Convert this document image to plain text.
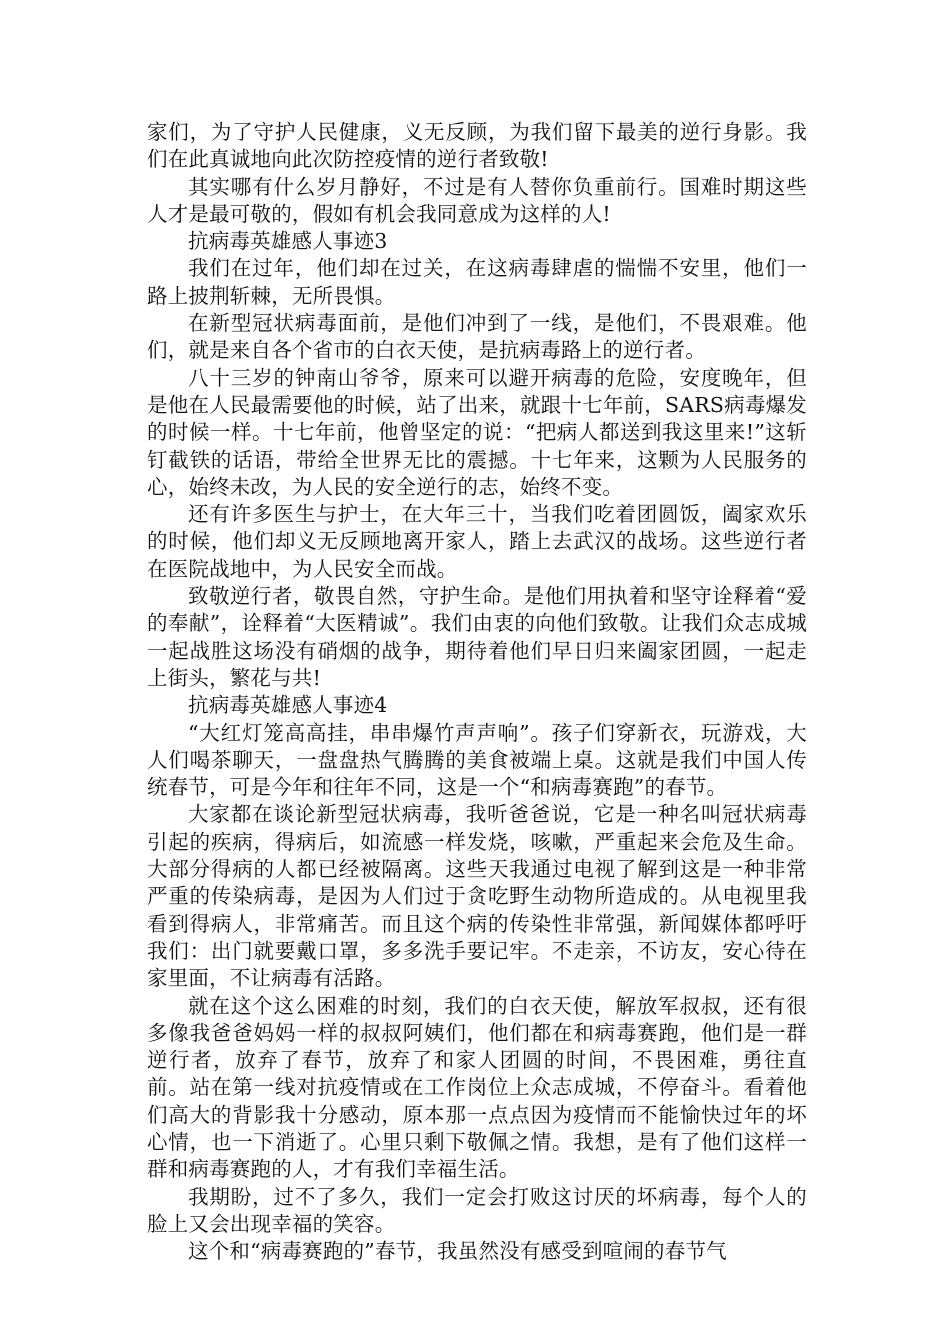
家们，为了守护人民健康，义无反顾，为我们留下最美的逆行身影。我们在此真诚地向此次防控疫情的逆行者致敬!

其实哪有什么岁月静好，不过是有人替你负重前行。国难时期这些人才是最可敬的，假如有机会我同意成为这样的人!

抗病毒英雄感人事迹3

我们在过年，他们却在过关，在这病毒肆虐的惴惴不安里，他们一路上披荆斩棘，无所畏惧。

在新型冠状病毒面前，是他们冲到了一线，是他们，不畏艰难。他们，就是来自各个省市的白衣天使，是抗病毒路上的逆行者。

八十三岁的钟南山爷爷，原来可以避开病毒的危险，安度晚年，但是他在人民最需要他的时候，站了出来，就跟十七年前，SARS病毒爆发的时候一样。十七年前，他曾坚定的说：“把病人都送到我这里来!”这斩钉截铁的话语，带给全世界无比的震撼。十七年来，这颗为人民服务的心，始终未改，为人民的安全逆行的志，始终不变。

还有许多医生与护士，在大年三十，当我们吃着团圆饭，阖家欢乐的时候，他们却义无反顾地离开家人，踏上去武汉的战场。这些逆行者在医院战地中，为人民安全而战。

致敬逆行者，敬畏自然，守护生命。是他们用执着和坚守诠释着“爱的奉献”，诠释着“大医精诚”。我们由衷的向他们致敬。让我们众志成城一起战胜这场没有硝烟的战争，期待着他们早日归来阖家团圆，一起走上街头，繁花与共!

抗病毒英雄感人事迹4

“大红灯笼高高挂，串串爆竹声声响”。孩子们穿新衣，玩游戏，大人们喝茶聊天，一盘盘热气腾腾的美食被端上桌。这就是我们中国人传统春节，可是今年和往年不同，这是一个“和病毒赛跑”的春节。

大家都在谈论新型冠状病毒，我听爸爸说，它是一种名叫冠状病毒引起的疾病，得病后，如流感一样发烧，咳嗽，严重起来会危及生命。大部分得病的人都已经被隔离。这些天我通过电视了解到这是一种非常严重的传染病毒，是因为人们过于贪吃野生动物所造成的。从电视里我看到得病人，非常痛苦。而且这个病的传染性非常强，新闻媒体都呼吁我们：出门就要戴口罩，多多洗手要记牢。不走亲，不访友，安心待在家里面，不让病毒有活路。

就在这个这么困难的时刻，我们的白衣天使，解放军叔叔，还有很多像我爸爸妈妈一样的叔叔阿姨们，他们都在和病毒赛跑，他们是一群逆行者，放弃了春节，放弃了和家人团圆的时间，不畏困难，勇往直前。站在第一线对抗疫情或在工作岗位上众志成城，不停奋斗。看着他们高大的背影我十分感动，原本那一点点因为疫情而不能愉快过年的坏心情，也一下消逝了。心里只剩下敬佩之情。我想，是有了他们这样一群和病毒赛跑的人，才有我们幸福生活。

我期盼，过不了多久，我们一定会打败这讨厌的坏病毒，每个人的脸上又会出现幸福的笑容。

这个和“病毒赛跑的”春节，我虽然没有感受到喧闹的春节气
